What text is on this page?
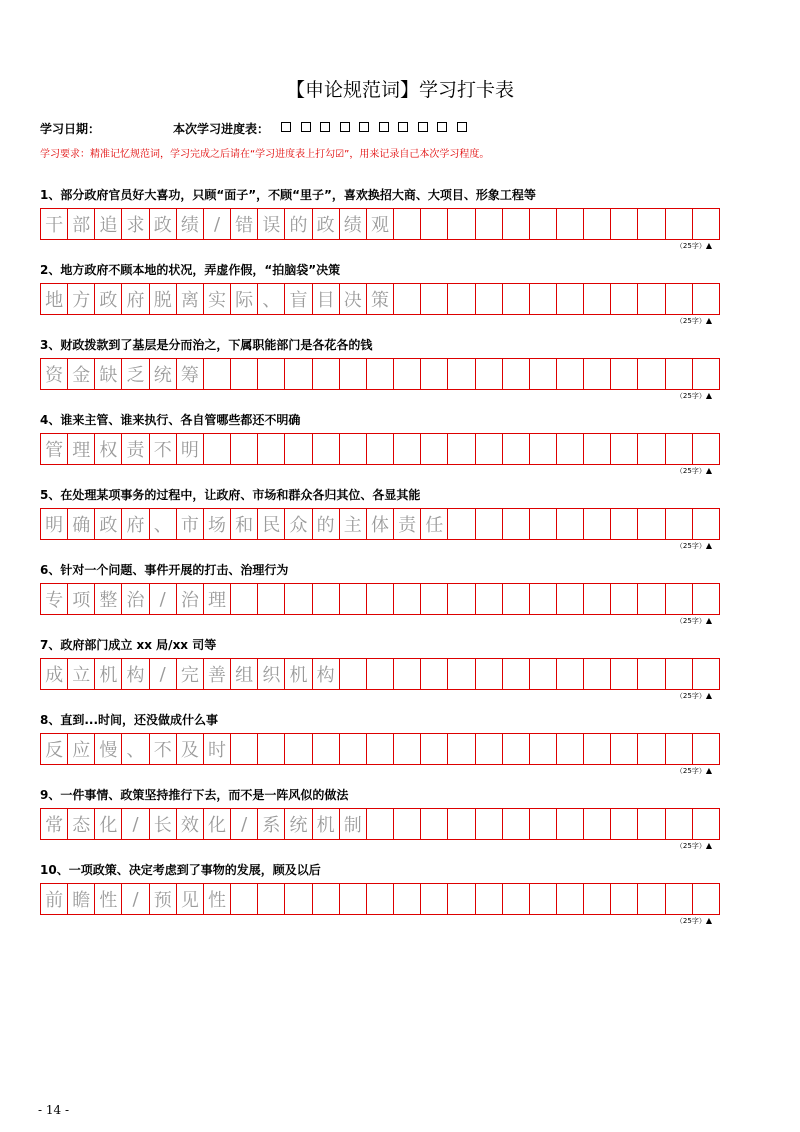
【申论规范词】学习打卡表
学习日期：	本次学习进度表：
学习要求：精准记忆规范词，学习完成之后请在“学习进度表上打勾☑”，用来记录自己本次学习程度。
1、部分政府官员好大喜功，只顾“面子”，不顾“里子”，喜欢换招大商、大项目、形象工程等
干 部 追 求 政 绩 / 错 误 的 政 绩 观
（25字）▲
2、地方政府不顾本地的状况，弄虚作假，“拍脑袋”决策
地 方 政 府 脱 离 实 际 、 盲 目 决 策
（25字）▲
3、财政拨款到了基层是分而治之，下属职能部门是各花各的钱
资 金 缺 乏 统 筹
（25字）▲
4、谁来主管、谁来执行、各自管哪些都还不明确
管 理 权 责 不 明
（25字）▲
5、在处理某项事务的过程中，让政府、市场和群众各归其位、各显其能
明 确 政 府 、 市 场 和 民 众 的 主 体 责 任
（25字）▲
6、针对一个问题、事件开展的打击、治理行为
专 项 整 治 / 治 理
（25字）▲
7、政府部门成立 xx 局/xx 司等
成 立 机 构 / 完 善 组 织 机 构
（25字）▲
8、直到...时间，还没做成什么事
反 应 慢 、 不 及 时
（25字）▲
9、一件事情、政策坚持推行下去，而不是一阵风似的做法
常 态 化 / 长 效 化 / 系 统 机 制
（25字）▲
10、一项政策、决定考虑到了事物的发展，顾及以后
前 瞻 性 / 预 见 性
（25字）▲
- 14 -
